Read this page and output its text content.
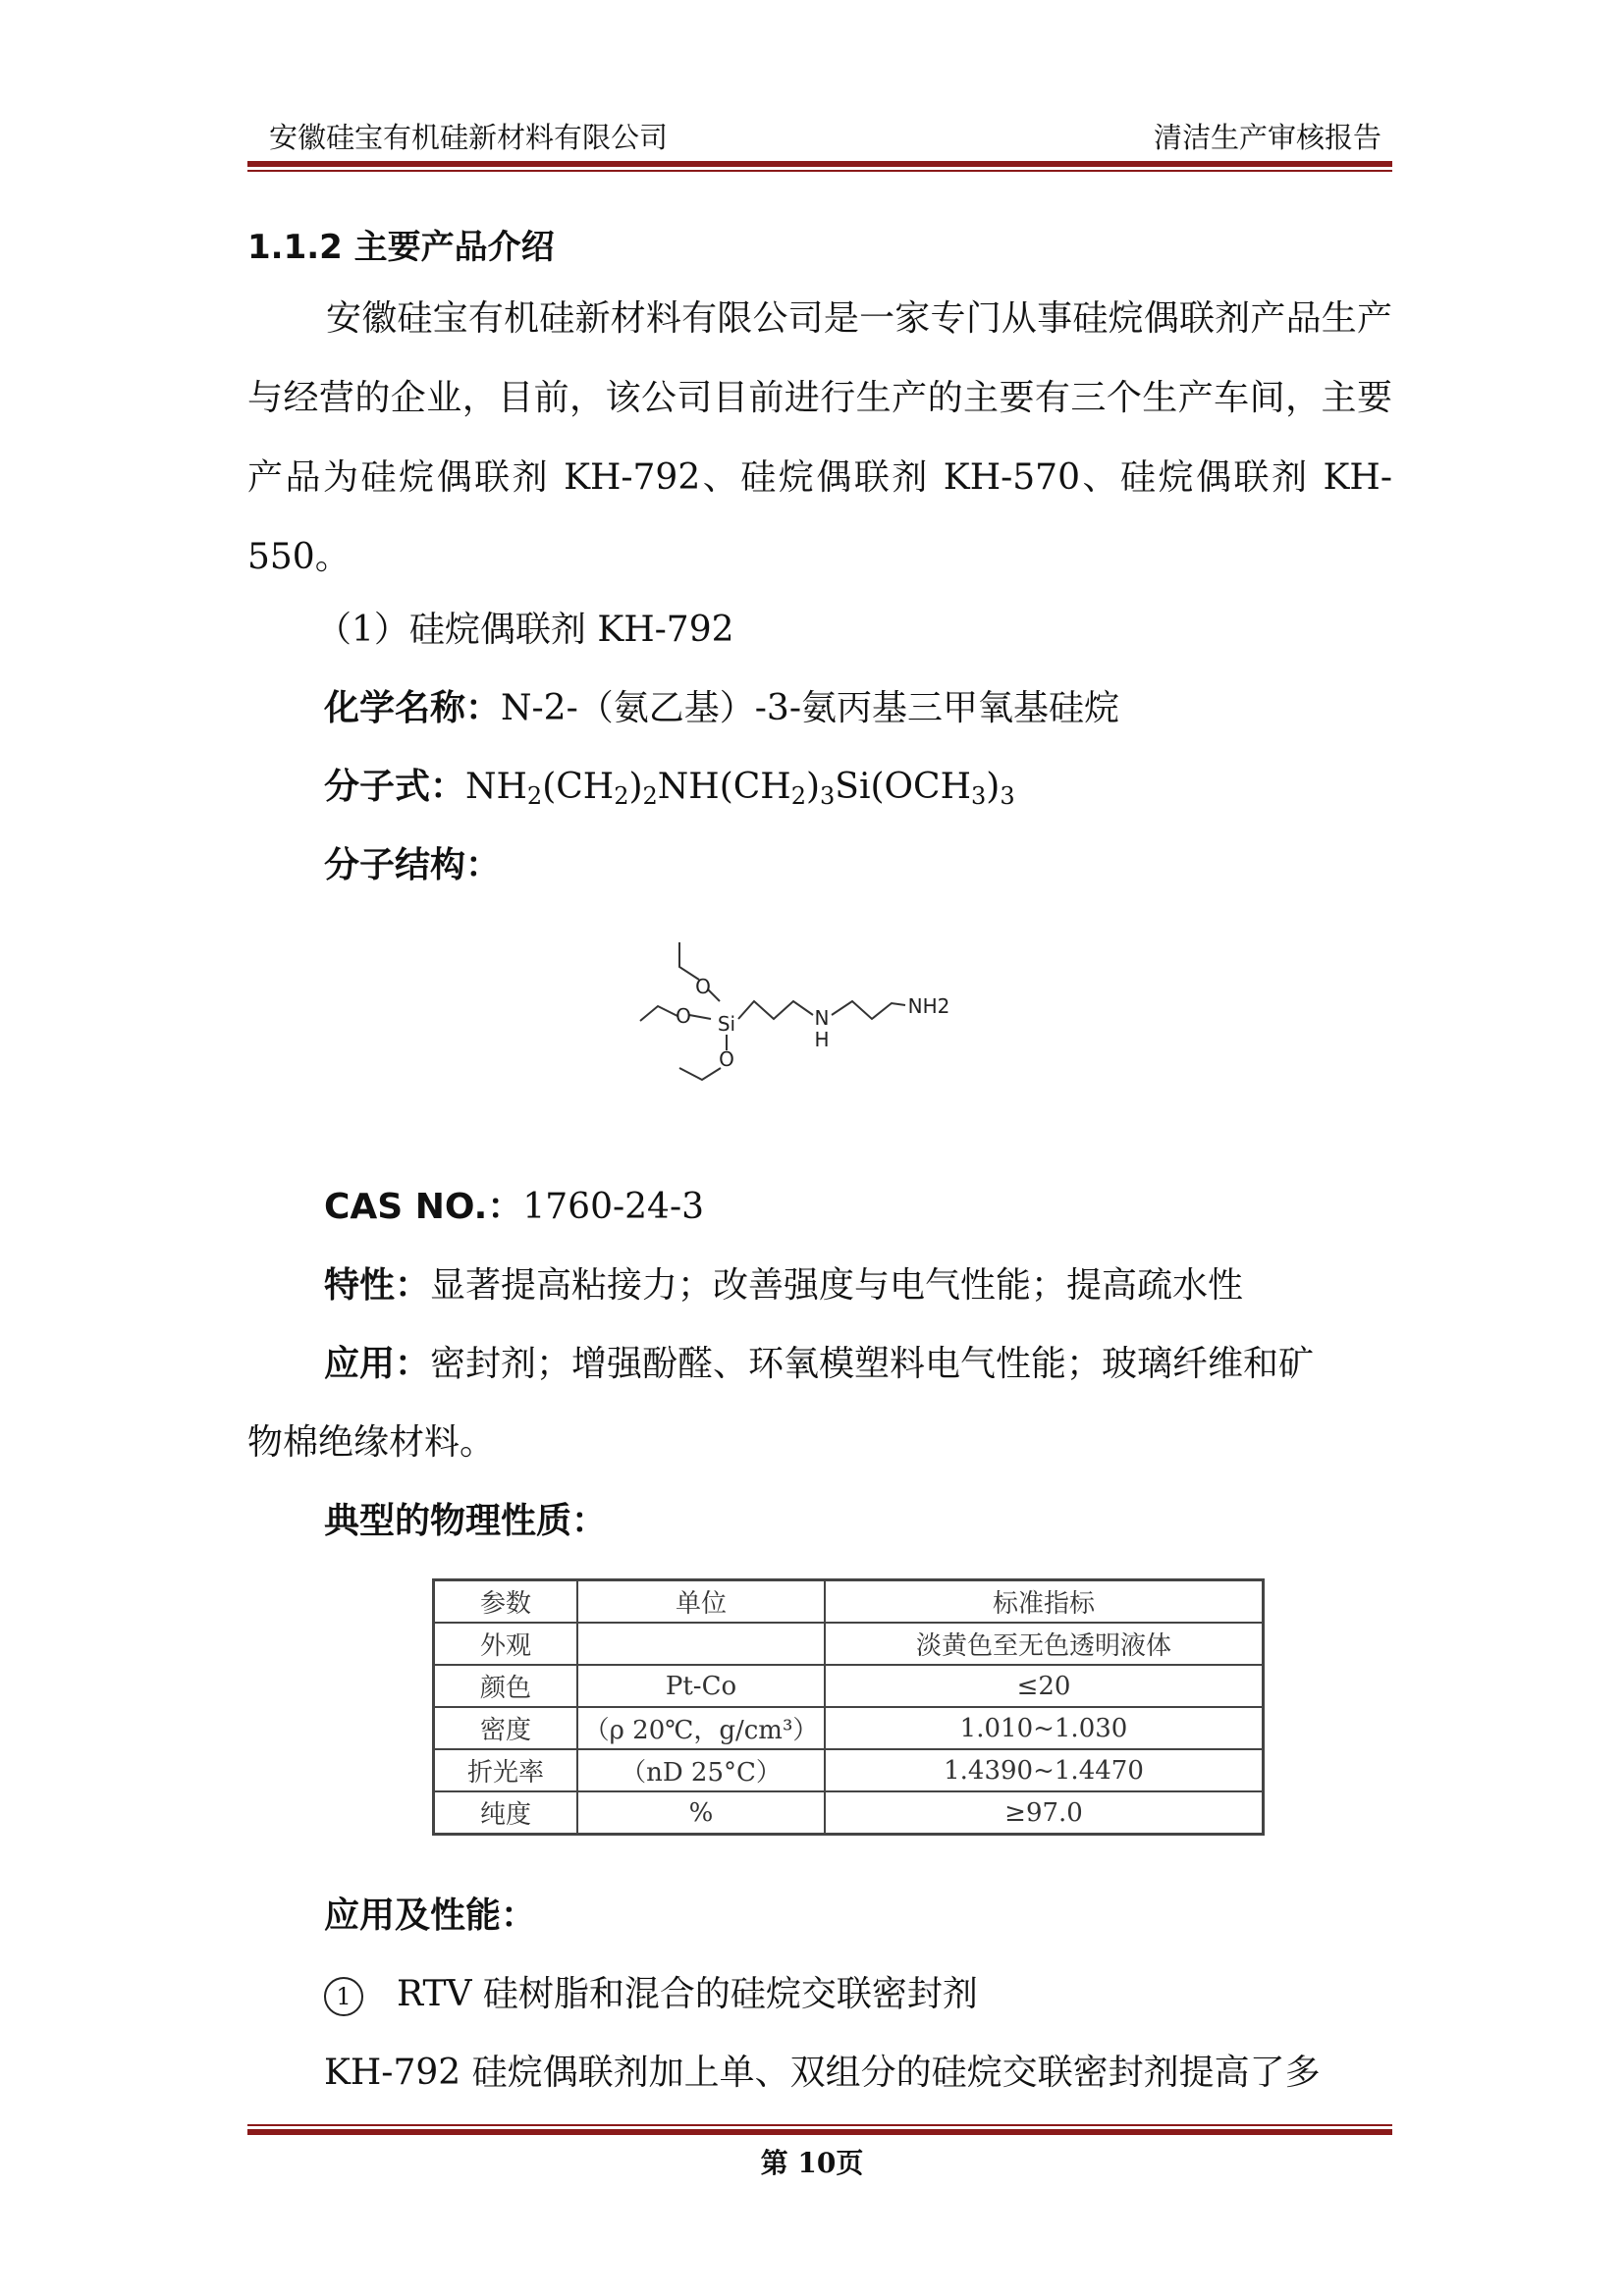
安徽硅宝有机硅新材料有限公司	清洁生产审核报告
1.1.2 主要产品介绍
安徽硅宝有机硅新材料有限公司是一家专门从事硅烷偶联剂产品生产与经营的企业，目前，该公司目前进行生产的主要有三个生产车间，主要产品为硅烷偶联剂 KH-792、硅烷偶联剂 KH-570、硅烷偶联剂 KH-550。
（1）硅烷偶联剂 KH-792
化学名称：N-2-（氨乙基）-3-氨丙基三甲氧基硅烷
分子式：$NH_2(CH_2)_2NH(CH_2)_3Si(OCH_3)_3$
分子结构：
O
O Si
O
N
H
NH2
CAS NO.：1760-24-3
特性：显著提高粘接力；改善强度与电气性能；提高疏水性
应用：密封剂；增强酚醛、环氧模塑料电气性能；玻璃纤维和矿
物棉绝缘材料。
典型的物理性质：
参数	单位	标准指标
外观		淡黄色至无色透明液体
颜色	Pt-Co	≤20
密度	（ρ 20℃，g/cm³）	1.010~1.030
折光率	（nD 25°C）	1.4390~1.4470
纯度	%	≥97.0
应用及性能：
1 RTV 硅树脂和混合的硅烷交联密封剂
KH-792 硅烷偶联剂加上单、双组分的硅烷交联密封剂提高了多
第 10页
